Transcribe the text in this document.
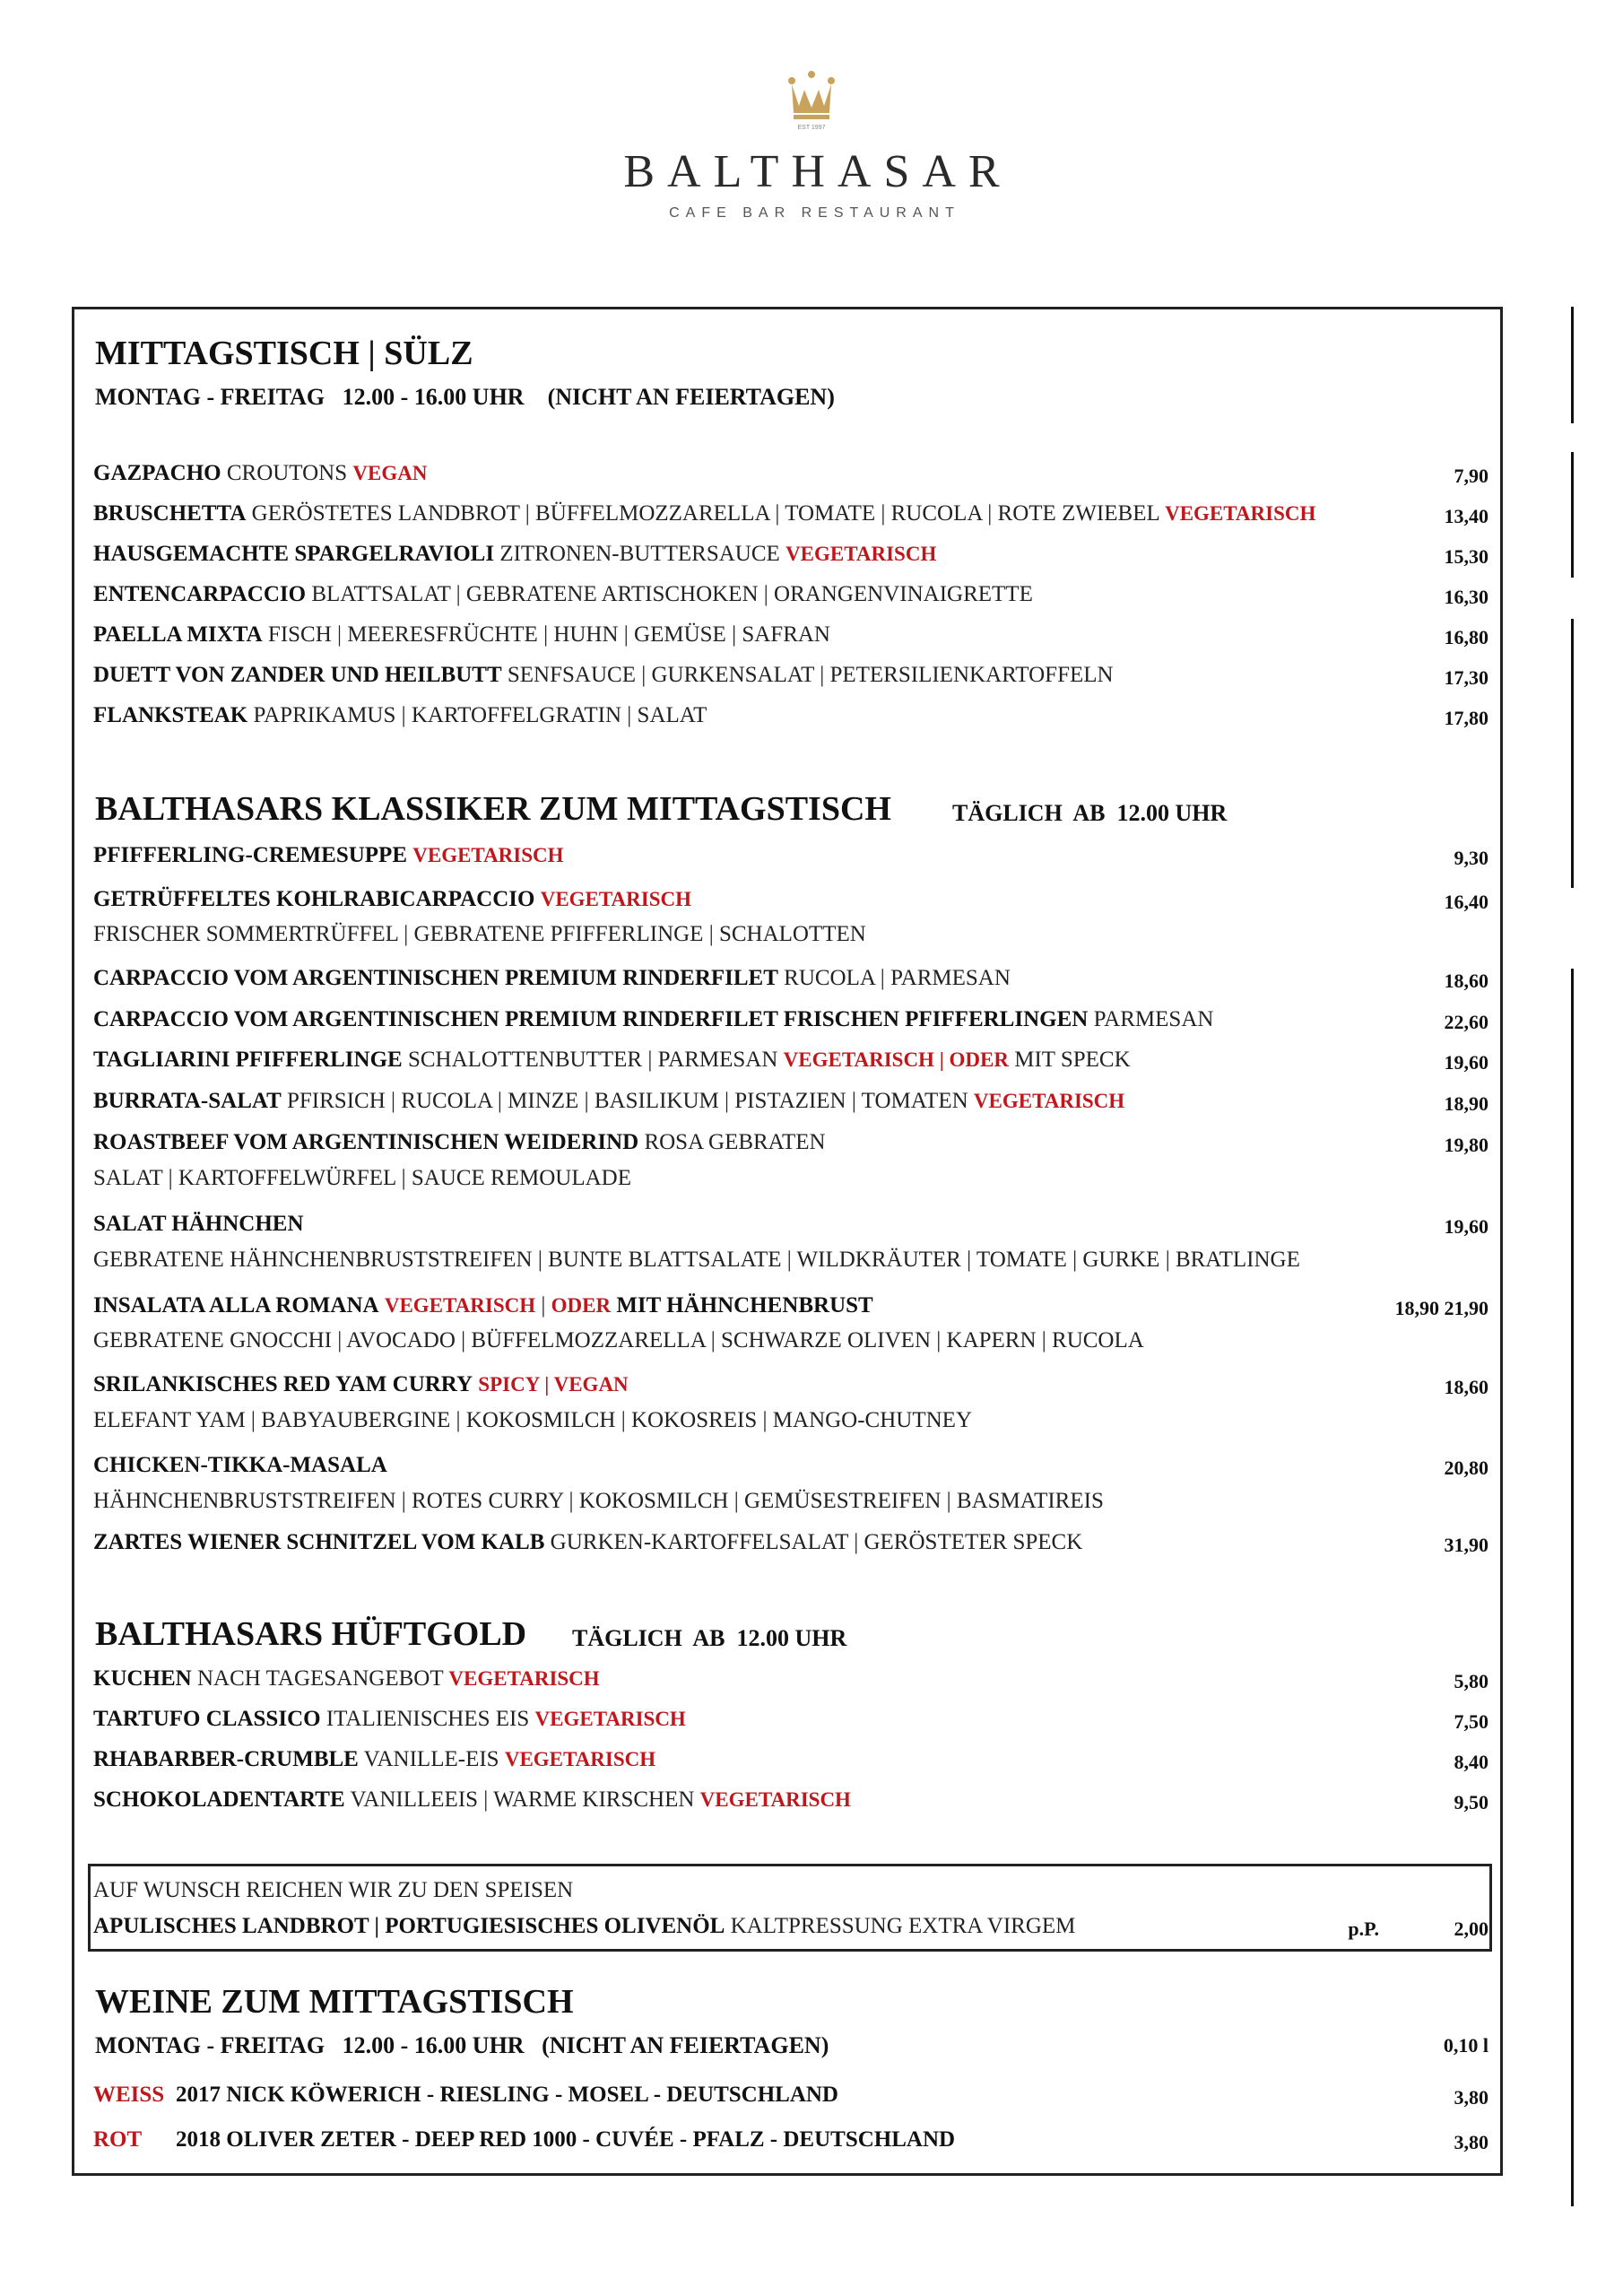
EST 1997
BALTHASAR
CAFE BAR RESTAURANT
MITTAGSTISCH | SÜLZ
MONTAG - FREITAG   12.00 - 16.00 UHR    (NICHT AN FEIERTAGEN)
GAZPACHO CROUTONS VEGAN	7,90
BRUSCHETTA GERÖSTETES LANDBROT | BÜFFELMOZZARELLA | TOMATE | RUCOLA | ROTE ZWIEBEL VEGETARISCH	13,40
HAUSGEMACHTE SPARGELRAVIOLI ZITRONEN-BUTTERSAUCE VEGETARISCH	15,30
ENTENCARPACCIO BLATTSALAT | GEBRATENE ARTISCHOKEN | ORANGENVINAIGRETTE	16,30
PAELLA MIXTA FISCH | MEERESFRÜCHTE | HUHN | GEMÜSE | SAFRAN	16,80
DUETT VON ZANDER UND HEILBUTT SENFSAUCE | GURKENSALAT | PETERSILIENKARTOFFELN	17,30
FLANKSTEAK PAPRIKAMUS | KARTOFFELGRATIN | SALAT	17,80
BALTHASARS KLASSIKER ZUM MITTAGSTISCH	TÄGLICH  AB  12.00 UHR
PFIFFERLING-CREMESUPPE VEGETARISCH	9,30
GETRÜFFELTES KOHLRABICARPACCIO VEGETARISCH	16,40
FRISCHER SOMMERTRÜFFEL | GEBRATENE PFIFFERLINGE | SCHALOTTEN
CARPACCIO VOM ARGENTINISCHEN PREMIUM RINDERFILET RUCOLA | PARMESAN	18,60
CARPACCIO VOM ARGENTINISCHEN PREMIUM RINDERFILET FRISCHEN PFIFFERLINGEN PARMESAN	22,60
TAGLIARINI PFIFFERLINGE SCHALOTTENBUTTER | PARMESAN VEGETARISCH | ODER MIT SPECK	19,60
BURRATA-SALAT PFIRSICH | RUCOLA | MINZE | BASILIKUM | PISTAZIEN | TOMATEN VEGETARISCH	18,90
ROASTBEEF VOM ARGENTINISCHEN WEIDERIND ROSA GEBRATEN	19,80
SALAT | KARTOFFELWÜRFEL | SAUCE REMOULADE
SALAT HÄHNCHEN	19,60
GEBRATENE HÄHNCHENBRUSTSTREIFEN | BUNTE BLATTSALATE | WILDKRÄUTER | TOMATE | GURKE | BRATLINGE
INSALATA ALLA ROMANA VEGETARISCH | ODER MIT HÄHNCHENBRUST	18,90 21,90
GEBRATENE GNOCCHI | AVOCADO | BÜFFELMOZZARELLA | SCHWARZE OLIVEN | KAPERN | RUCOLA
SRILANKISCHES RED YAM CURRY SPICY | VEGAN	18,60
ELEFANT YAM | BABYAUBERGINE | KOKOSMILCH | KOKOSREIS | MANGO-CHUTNEY
CHICKEN-TIKKA-MASALA	20,80
HÄHNCHENBRUSTSTREIFEN | ROTES CURRY | KOKOSMILCH | GEMÜSESTREIFEN | BASMATIREIS
ZARTES WIENER SCHNITZEL VOM KALB GURKEN-KARTOFFELSALAT | GERÖSTETER SPECK	31,90
BALTHASARS HÜFTGOLD TÄGLICH  AB  12.00 UHR
KUCHEN NACH TAGESANGEBOT VEGETARISCH	5,80
TARTUFO CLASSICO ITALIENISCHES EIS VEGETARISCH	7,50
RHABARBER-CRUMBLE VANILLE-EIS VEGETARISCH	8,40
SCHOKOLADENTARTE VANILLEEIS | WARME KIRSCHEN VEGETARISCH	9,50
AUF WUNSCH REICHEN WIR ZU DEN SPEISEN
APULISCHES LANDBROT | PORTUGIESISCHES OLIVENÖL KALTPRESSUNG EXTRA VIRGEM	p.P.	2,00
WEINE ZUM MITTAGSTISCH
MONTAG - FREITAG   12.00 - 16.00 UHR   (NICHT AN FEIERTAGEN)	0,10 l
WEISS 2017 NICK KÖWERICH - RIESLING - MOSEL - DEUTSCHLAND	3,80
ROT 2018 OLIVER ZETER - DEEP RED 1000 - CUVÉE - PFALZ - DEUTSCHLAND	3,80
